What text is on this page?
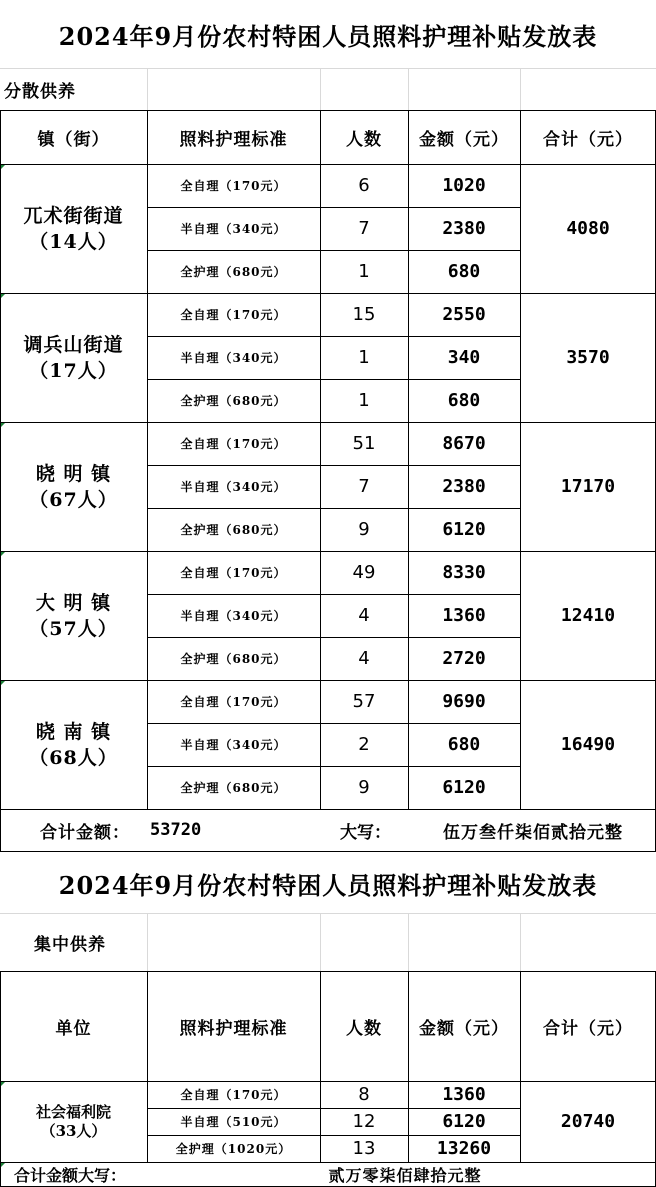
2024年9月份农村特困人员照料护理补贴发放表
分散供养
镇（街）	照料护理标准	人数	金额（元）	合计（元）
兀术街街道
（14人）
全自理（170元）	6	1020
半自理（340元）	7	2380
全护理（680元）	1	680
4080
调兵山街道
（17人）
全自理（170元）	15	2550
半自理（340元）	1	340
全护理（680元）	1	680
3570
晓 明 镇
（67人）
全自理（170元）	51	8670
半自理（340元）	7	2380
全护理（680元）	9	6120
17170
大 明 镇
（57人）
全自理（170元）	49	8330
半自理（340元）	4	1360
全护理（680元）	4	2720
12410
晓 南 镇
（68人）
全自理（170元）	57	9690
半自理（340元）	2	680
全护理（680元）	9	6120
16490
合计金额：	53720	大写：	伍万叁仟柒佰贰拾元整
2024年9月份农村特困人员照料护理补贴发放表
集中供养
单位	照料护理标准	人数	金额（元）	合计（元）
社会福利院
（33人）
全自理（170元）	8	1360
半自理（510元）	12	6120
全护理（1020元）	13	13260
20740
合计金额大写：	贰万零柒佰肆拾元整
